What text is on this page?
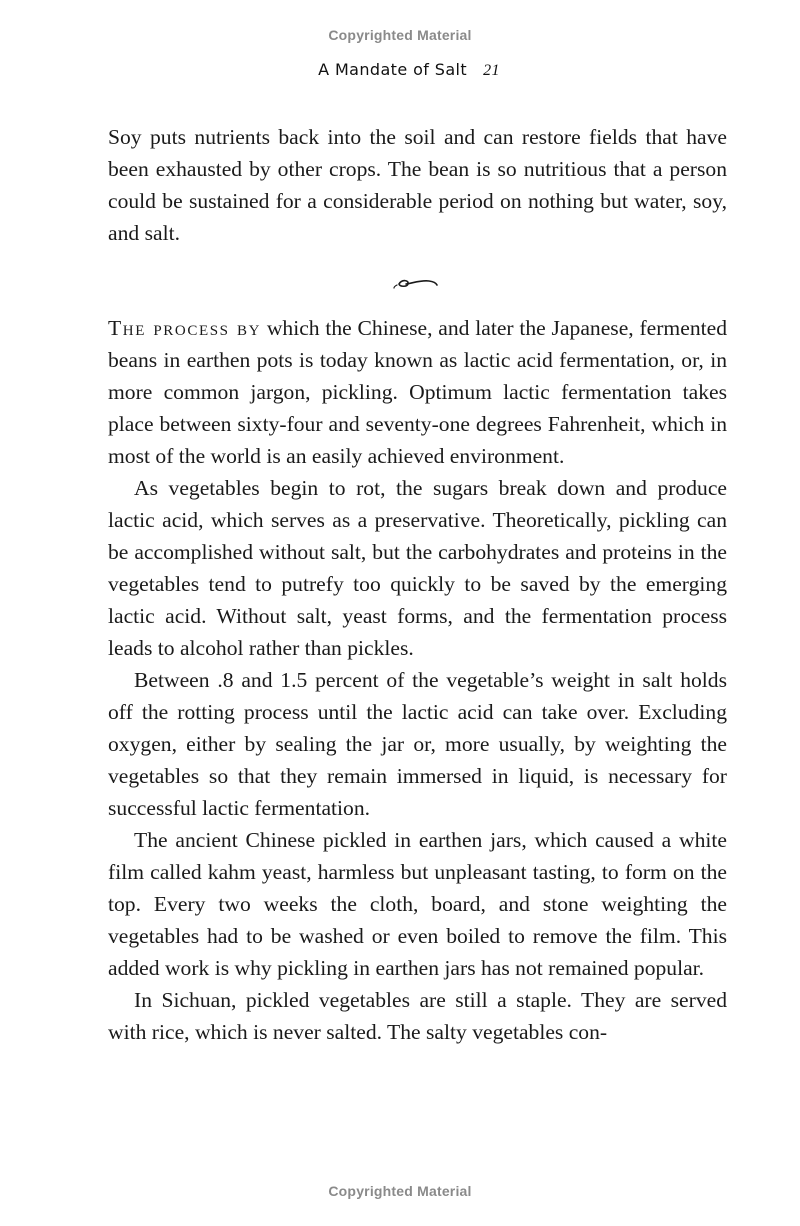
Copyrighted Material
A Mandate of Salt 21

Soy puts nutrients back into the soil and can restore fields that have been exhausted by other crops. The bean is so nutritious that a person could be sustained for a considerable period on nothing but water, soy, and salt.

The process by which the Chinese, and later the Japanese, fermented beans in earthen pots is today known as lactic acid fermentation, or, in more common jargon, pickling. Optimum lactic fermentation takes place between sixty-four and seventy-one degrees Fahrenheit, which in most of the world is an easily achieved environment.

As vegetables begin to rot, the sugars break down and produce lactic acid, which serves as a preservative. Theoretically, pickling can be accomplished without salt, but the carbohydrates and proteins in the vegetables tend to putrefy too quickly to be saved by the emerging lactic acid. Without salt, yeast forms, and the fermentation process leads to alcohol rather than pickles.

Between .8 and 1.5 percent of the vegetable’s weight in salt holds off the rotting process until the lactic acid can take over. Excluding oxygen, either by sealing the jar or, more usually, by weighting the vegetables so that they remain immersed in liquid, is necessary for successful lactic fermentation.

The ancient Chinese pickled in earthen jars, which caused a white film called kahm yeast, harmless but unpleasant tasting, to form on the top. Every two weeks the cloth, board, and stone weighting the vegetables had to be washed or even boiled to remove the film. This added work is why pickling in earthen jars has not remained popular.

In Sichuan, pickled vegetables are still a staple. They are served with rice, which is never salted. The salty vegetables con-

Copyrighted Material
